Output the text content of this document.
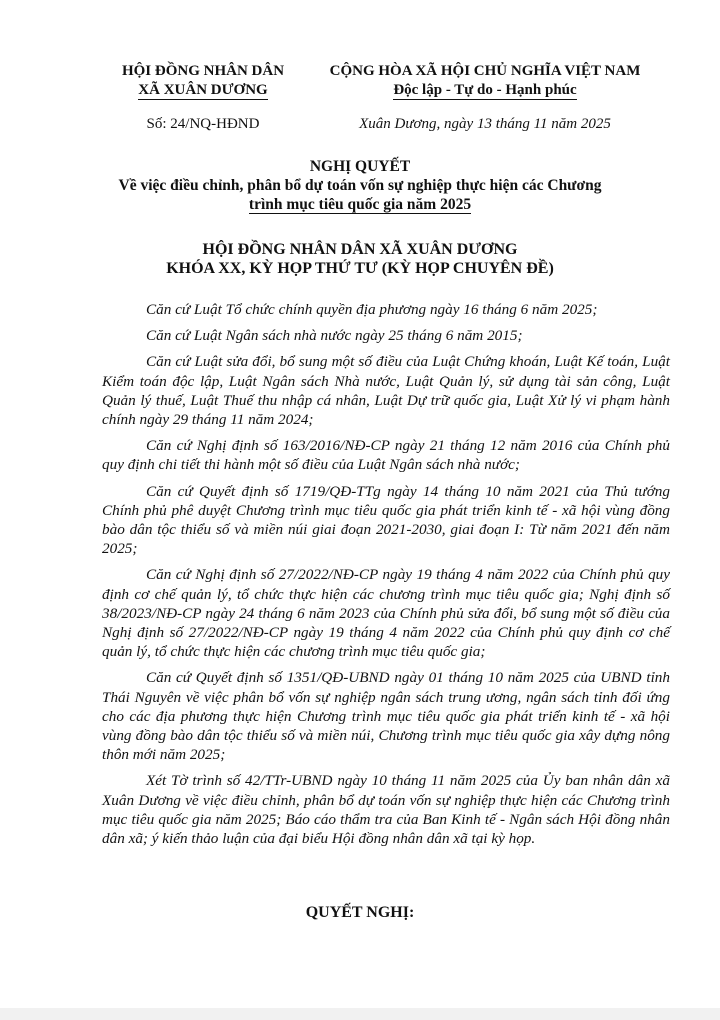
HỘI ĐỒNG NHÂN DÂN
XÃ XUÂN DƯƠNG
CỘNG HÒA XÃ HỘI CHỦ NGHĨA VIỆT NAM
Độc lập - Tự do - Hạnh phúc
Số: 24/NQ-HĐND	Xuân Dương, ngày 13 tháng 11 năm 2025
NGHỊ QUYẾT
Về việc điều chỉnh, phân bổ dự toán vốn sự nghiệp thực hiện các Chương
trình mục tiêu quốc gia năm 2025
HỘI ĐỒNG NHÂN DÂN XÃ XUÂN DƯƠNG
KHÓA XX, KỲ HỌP THỨ TƯ (KỲ HỌP CHUYÊN ĐỀ)

Căn cứ Luật Tổ chức chính quyền địa phương ngày 16 tháng 6 năm 2025;

Căn cứ Luật Ngân sách nhà nước ngày 25 tháng 6 năm 2015;

Căn cứ Luật sửa đổi, bổ sung một số điều của Luật Chứng khoán, Luật Kế toán, Luật Kiểm toán độc lập, Luật Ngân sách Nhà nước, Luật Quản lý, sử dụng tài sản công, Luật Quản lý thuế, Luật Thuế thu nhập cá nhân, Luật Dự trữ quốc gia, Luật Xử lý vi phạm hành chính ngày 29 tháng 11 năm 2024;

Căn cứ Nghị định số 163/2016/NĐ-CP ngày 21 tháng 12 năm 2016 của Chính phủ quy định chi tiết thi hành một số điều của Luật Ngân sách nhà nước;

Căn cứ Quyết định số 1719/QĐ-TTg ngày 14 tháng 10 năm 2021 của Thủ tướng Chính phủ phê duyệt Chương trình mục tiêu quốc gia phát triển kinh tế - xã hội vùng đồng bào dân tộc thiểu số và miền núi giai đoạn 2021-2030, giai đoạn I: Từ năm 2021 đến năm 2025;

Căn cứ Nghị định số 27/2022/NĐ-CP ngày 19 tháng 4 năm 2022 của Chính phủ quy định cơ chế quản lý, tổ chức thực hiện các chương trình mục tiêu quốc gia; Nghị định số 38/2023/NĐ-CP ngày 24 tháng 6 năm 2023 của Chính phủ sửa đổi, bổ sung một số điều của Nghị định số 27/2022/NĐ-CP ngày 19 tháng 4 năm 2022 của Chính phủ quy định cơ chế quản lý, tổ chức thực hiện các chương trình mục tiêu quốc gia;

Căn cứ Quyết định số 1351/QĐ-UBND ngày 01 tháng 10 năm 2025 của UBND tỉnh Thái Nguyên về việc phân bổ vốn sự nghiệp ngân sách trung ương, ngân sách tỉnh đối ứng cho các địa phương thực hiện Chương trình mục tiêu quốc gia phát triển kinh tế - xã hội vùng đồng bào dân tộc thiểu số và miền núi, Chương trình mục tiêu quốc gia xây dựng nông thôn mới năm 2025;

Xét Tờ trình số 42/TTr-UBND ngày 10 tháng 11 năm 2025 của Ủy ban nhân dân xã Xuân Dương về việc điều chỉnh, phân bổ dự toán vốn sự nghiệp thực hiện các Chương trình mục tiêu quốc gia năm 2025; Báo cáo thẩm tra của Ban Kinh tế - Ngân sách Hội đồng nhân dân xã; ý kiến thảo luận của đại biểu Hội đồng nhân dân xã tại kỳ họp.

QUYẾT NGHỊ:
